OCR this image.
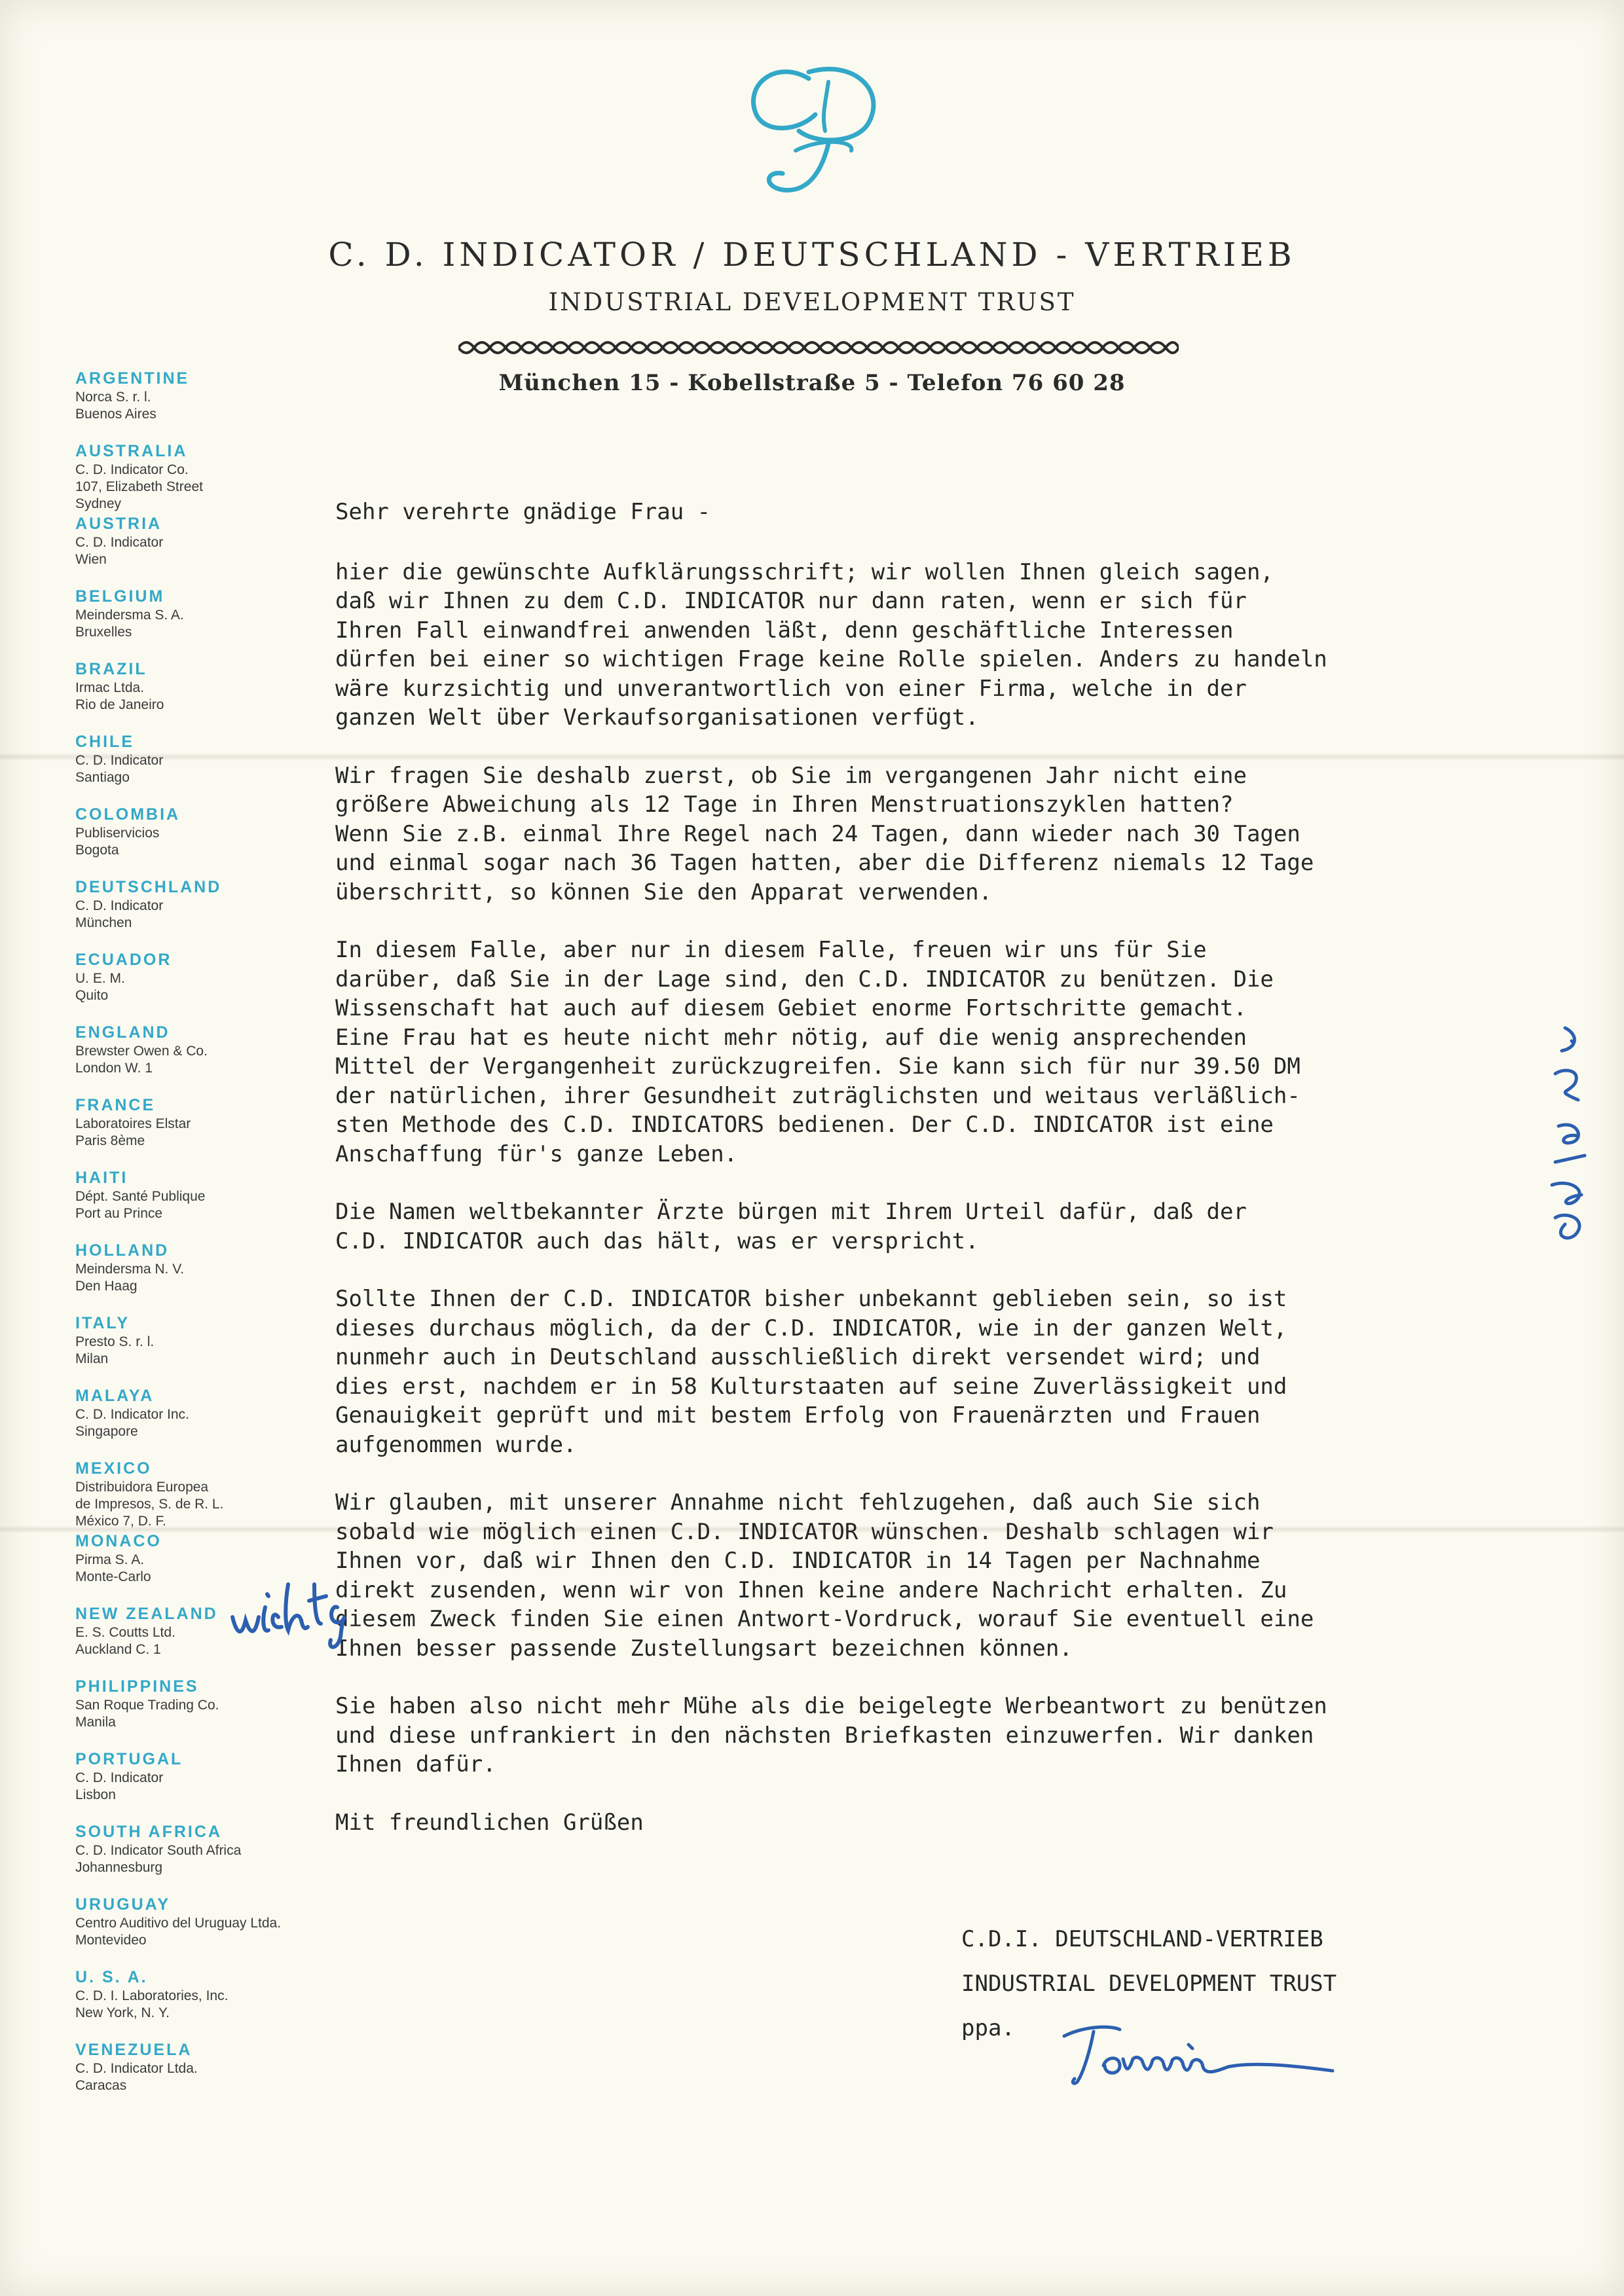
C. D. INDICATOR / DEUTSCHLAND - VERTRIEB
INDUSTRIAL DEVELOPMENT TRUST
München 15 - Kobellstraße 5 - Telefon 76 60 28
ARGENTINE
Norca S. r. l.
Buenos Aires
AUSTRALIA
C. D. Indicator Co.
107, Elizabeth Street
Sydney
AUSTRIA
C. D. Indicator
Wien
BELGIUM
Meindersma S. A.
Bruxelles
BRAZIL
Irmac Ltda.
Rio de Janeiro
CHILE
C. D. Indicator
Santiago
COLOMBIA
Publiservicios
Bogota
DEUTSCHLAND
C. D. Indicator
München
ECUADOR
U. E. M.
Quito
ENGLAND
Brewster Owen & Co.
London W. 1
FRANCE
Laboratoires Elstar
Paris 8ème
HAITI
Dépt. Santé Publique
Port au Prince
HOLLAND
Meindersma N. V.
Den Haag
ITALY
Presto S. r. l.
Milan
MALAYA
C. D. Indicator Inc.
Singapore
MEXICO
Distribuidora Europea
de Impresos, S. de R. L.
México 7, D. F.
MONACO
Pirma S. A.
Monte-Carlo
NEW ZEALAND
E. S. Coutts Ltd.
Auckland C. 1
PHILIPPINES
San Roque Trading Co.
Manila
PORTUGAL
C. D. Indicator
Lisbon
SOUTH AFRICA
C. D. Indicator South Africa
Johannesburg
URUGUAY
Centro Auditivo del Uruguay Ltda.
Montevideo
U. S. A.
C. D. I. Laboratories, Inc.
New York, N. Y.
VENEZUELA
C. D. Indicator Ltda.
Caracas

Sehr verehrte gnädige Frau -

hier die gewünschte Aufklärungsschrift; wir wollen Ihnen gleich sagen,

daß wir Ihnen zu dem C.D. INDICATOR nur dann raten, wenn er sich für

Ihren Fall einwandfrei anwenden läßt, denn geschäftliche Interessen

dürfen bei einer so wichtigen Frage keine Rolle spielen. Anders zu handeln

wäre kurzsichtig und unverantwortlich von einer Firma, welche in der

ganzen Welt über Verkaufsorganisationen verfügt.

Wir fragen Sie deshalb zuerst, ob Sie im vergangenen Jahr nicht eine

größere Abweichung als 12 Tage in Ihren Menstruationszyklen hatten?

Wenn Sie z.B. einmal Ihre Regel nach 24 Tagen, dann wieder nach 30 Tagen

und einmal sogar nach 36 Tagen hatten, aber die Differenz niemals 12 Tage

überschritt, so können Sie den Apparat verwenden.

In diesem Falle, aber nur in diesem Falle, freuen wir uns für Sie

darüber, daß Sie in der Lage sind, den C.D. INDICATOR zu benützen. Die

Wissenschaft hat auch auf diesem Gebiet enorme Fortschritte gemacht.

Eine Frau hat es heute nicht mehr nötig, auf die wenig ansprechenden

Mittel der Vergangenheit zurückzugreifen. Sie kann sich für nur 39.50 DM

der natürlichen, ihrer Gesundheit zuträglichsten und weitaus verläßlich-

sten Methode des C.D. INDICATORS bedienen. Der C.D. INDICATOR ist eine

Anschaffung für's ganze Leben.

Die Namen weltbekannter Ärzte bürgen mit Ihrem Urteil dafür, daß der

C.D. INDICATOR auch das hält, was er verspricht.

Sollte Ihnen der C.D. INDICATOR bisher unbekannt geblieben sein, so ist

dieses durchaus möglich, da der C.D. INDICATOR, wie in der ganzen Welt,

nunmehr auch in Deutschland ausschließlich direkt versendet wird; und

dies erst, nachdem er in 58 Kulturstaaten auf seine Zuverlässigkeit und

Genauigkeit geprüft und mit bestem Erfolg von Frauenärzten und Frauen

aufgenommen wurde.

Wir glauben, mit unserer Annahme nicht fehlzugehen, daß auch Sie sich

sobald wie möglich einen C.D. INDICATOR wünschen. Deshalb schlagen wir

Ihnen vor, daß wir Ihnen den C.D. INDICATOR in 14 Tagen per Nachnahme

direkt zusenden, wenn wir von Ihnen keine andere Nachricht erhalten. Zu

diesem Zweck finden Sie einen Antwort-Vordruck, worauf Sie eventuell eine

Ihnen besser passende Zustellungsart bezeichnen können.

Sie haben also nicht mehr Mühe als die beigelegte Werbeantwort zu benützen

und diese unfrankiert in den nächsten Briefkasten einzuwerfen. Wir danken

Ihnen dafür.

Mit freundlichen Grüßen

C.D.I. DEUTSCHLAND-VERTRIEB

INDUSTRIAL DEVELOPMENT TRUST

ppa.
